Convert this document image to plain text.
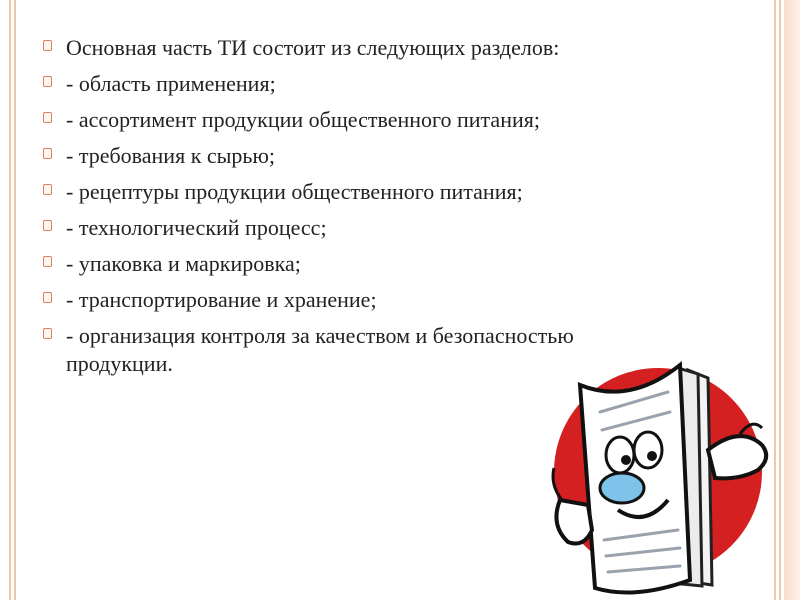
Основная часть ТИ состоит из следующих разделов:
- область применения;
- ассортимент продукции общественного питания;
- требования к сырью;
- рецептуры продукции общественного питания;
- технологический процесс;
- упаковка и маркировка;
- транспортирование и хранение;
- организация контроля за качеством и безопасностью продукции.
